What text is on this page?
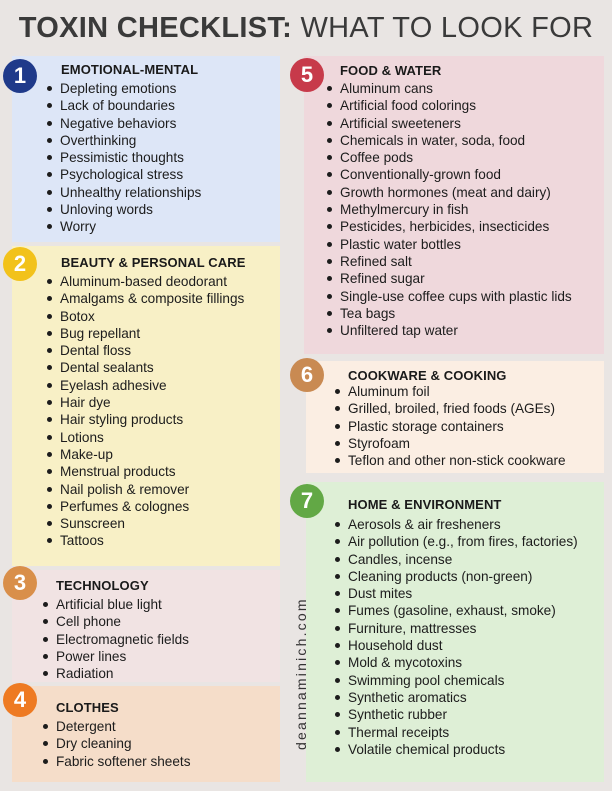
TOXIN CHECKLIST: WHAT TO LOOK FOR
1	EMOTIONAL-MENTAL
Depleting emotions
Lack of boundaries
Negative behaviors
Overthinking
Pessimistic thoughts
Psychological stress
Unhealthy relationships
Unloving words
Worry
2	BEAUTY & PERSONAL CARE
Aluminum-based deodorant
Amalgams & composite fillings
Botox
Bug repellant
Dental floss
Dental sealants
Eyelash adhesive
Hair dye
Hair styling products
Lotions
Make-up
Menstrual products
Nail polish & remover
Perfumes & colognes
Sunscreen
Tattoos
3	TECHNOLOGY
Artificial blue light
Cell phone
Electromagnetic fields
Power lines
Radiation
4	CLOTHES
Detergent
Dry cleaning
Fabric softener sheets
5	FOOD & WATER
Aluminum cans
Artificial food colorings
Artificial sweeteners
Chemicals in water, soda, food
Coffee pods
Conventionally-grown food
Growth hormones (meat and dairy)
Methylmercury in fish
Pesticides, herbicides, insecticides
Plastic water bottles
Refined salt
Refined sugar
Single-use coffee cups with plastic lids
Tea bags
Unfiltered tap water
6	COOKWARE & COOKING
Aluminum foil
Grilled, broiled, fried foods (AGEs)
Plastic storage containers
Styrofoam
Teflon and other non-stick cookware
7	HOME & ENVIRONMENT
Aerosols & air fresheners
Air pollution (e.g., from fires, factories)
Candles, incense
Cleaning products (non-green)
Dust mites
Fumes (gasoline, exhaust, smoke)
Furniture, mattresses
Household dust
Mold & mycotoxins
Swimming pool chemicals
Synthetic aromatics
Synthetic rubber
Thermal receipts
Volatile chemical products
deannaminich.com
